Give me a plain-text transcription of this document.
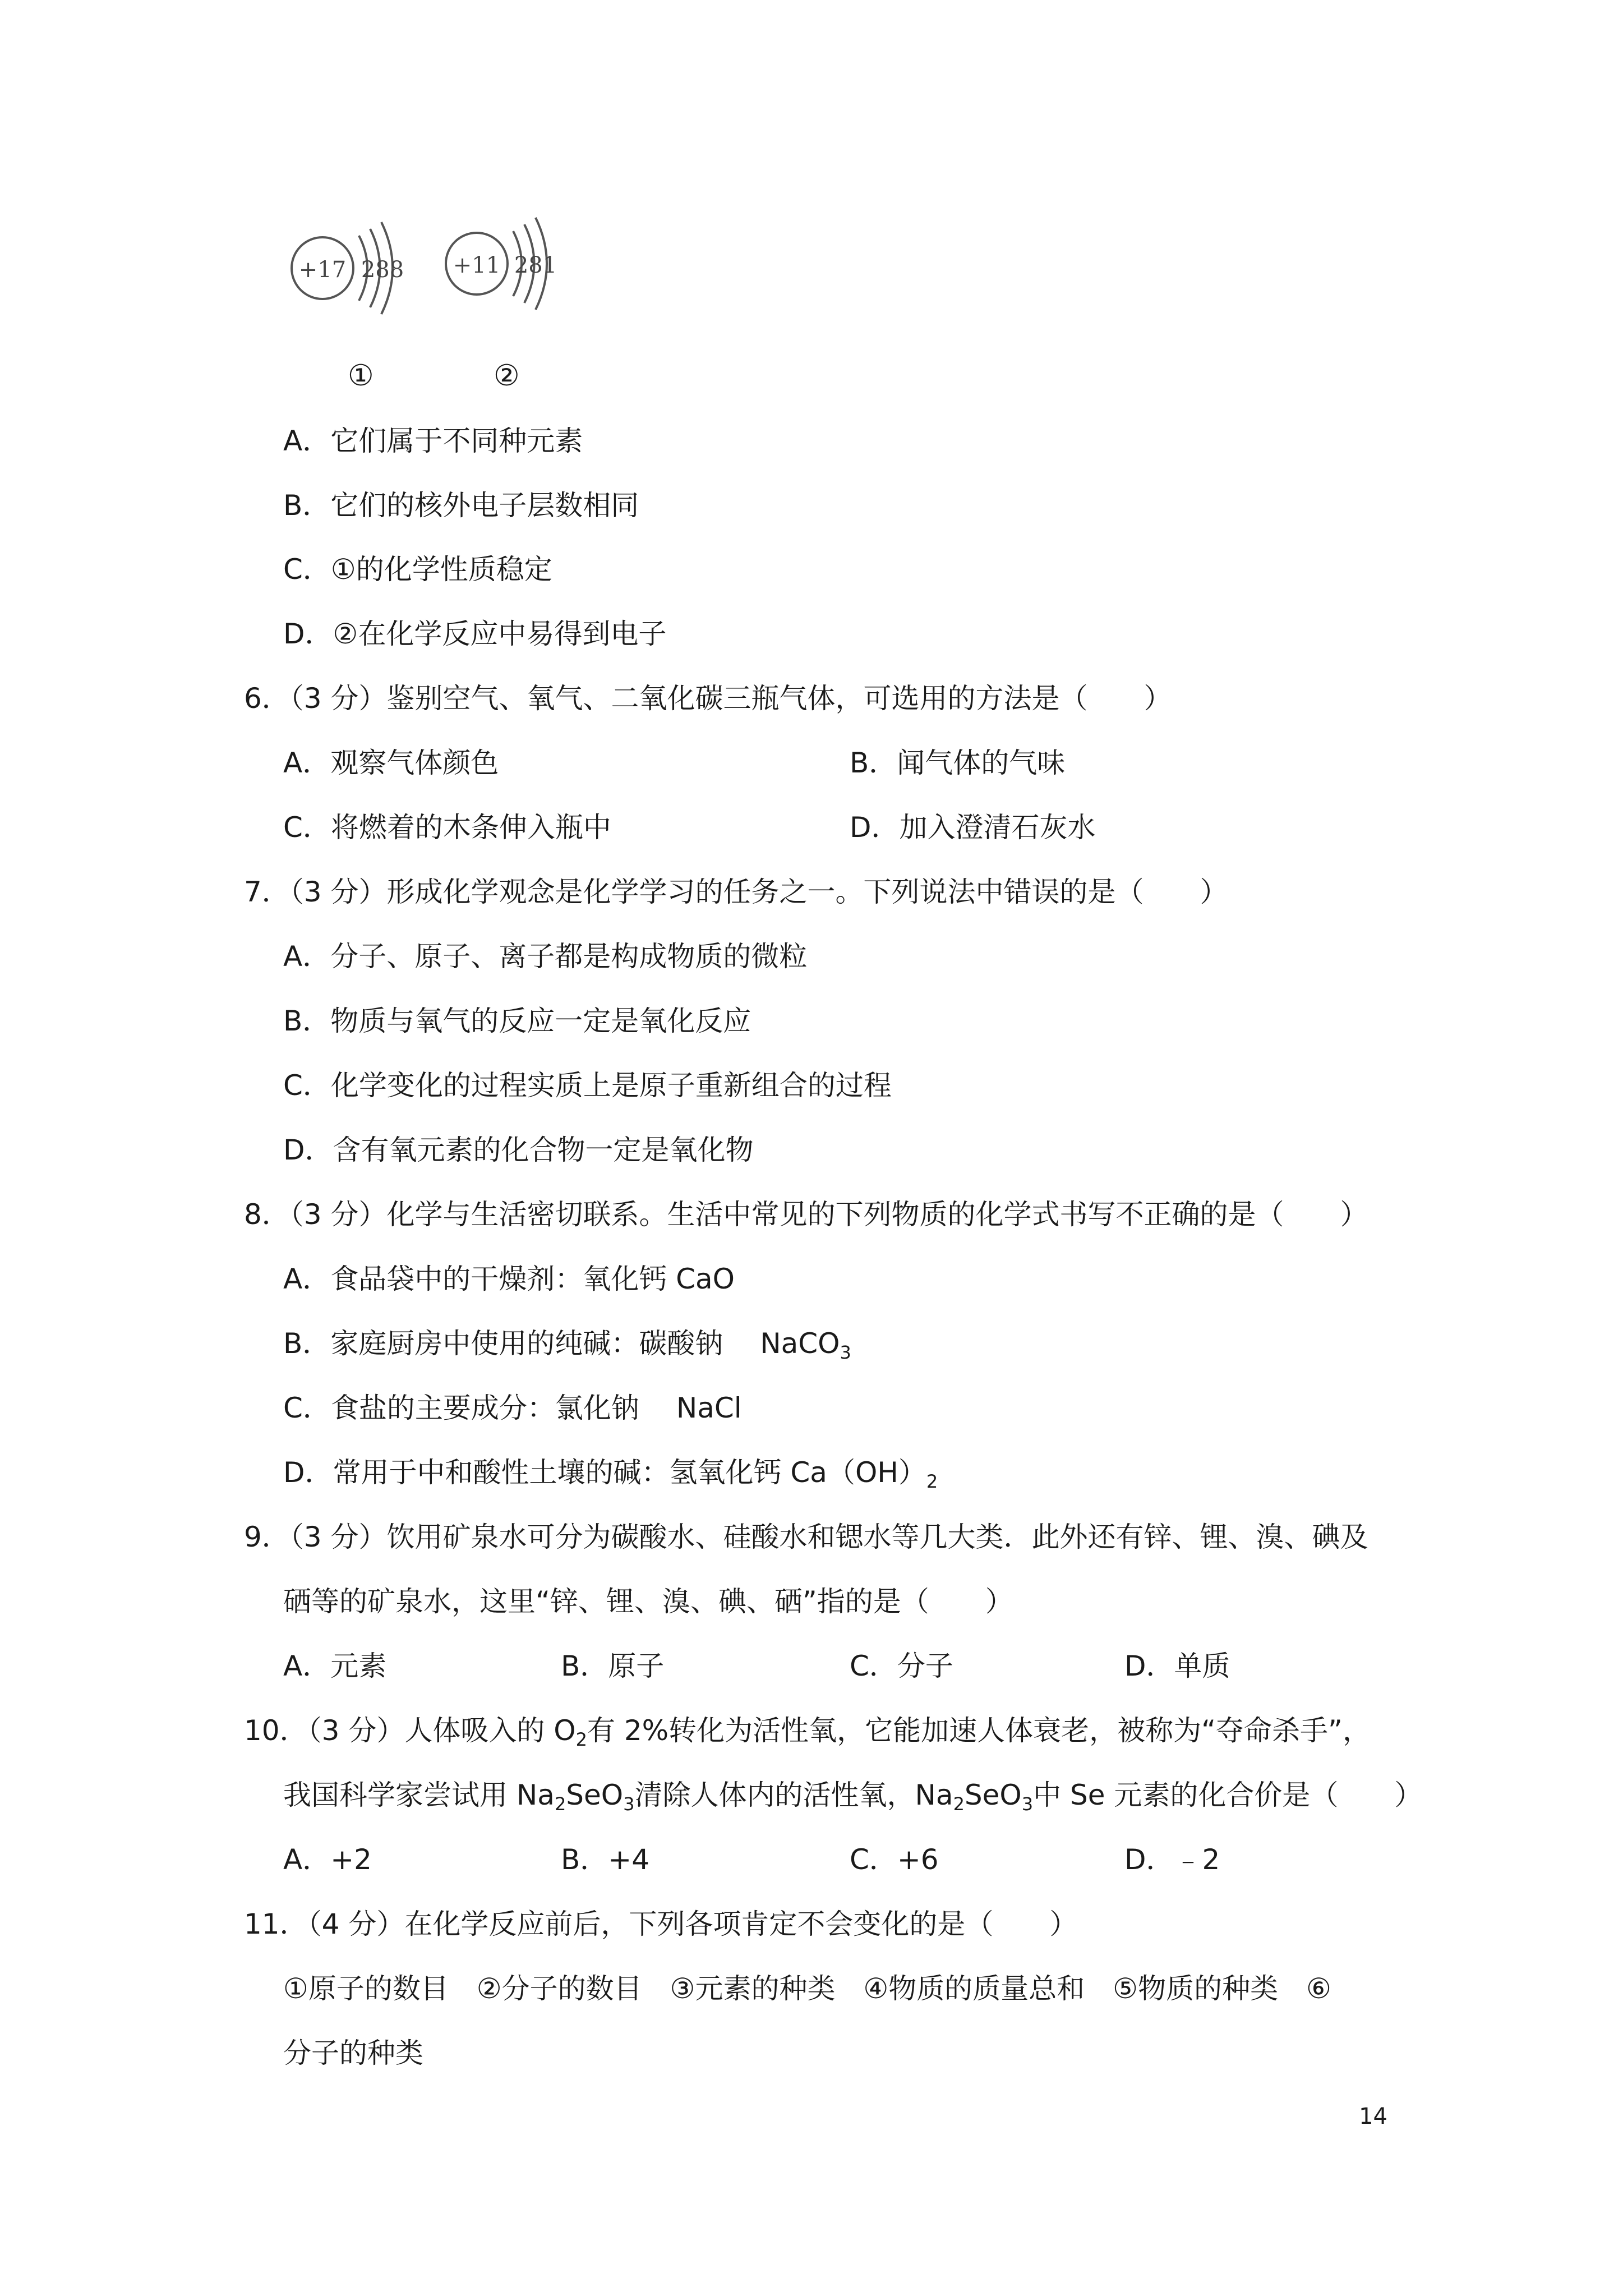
+17 288 +11 281
①	②
A．它们属于不同种元素
B．它们的核外电子层数相同
C．①的化学性质稳定
D．②在化学反应中易得到电子
6．（3 分）鉴别空气、氧气、二氧化碳三瓶气体，可选用的方法是（　　）
A．观察气体颜色	B．闻气体的气味
C．将燃着的木条伸入瓶中	D．加入澄清石灰水
7．（3 分）形成化学观念是化学学习的任务之一。下列说法中错误的是（　　）
A．分子、原子、离子都是构成物质的微粒
B．物质与氧气的反应一定是氧化反应
C．化学变化的过程实质上是原子重新组合的过程
D．含有氧元素的化合物一定是氧化物
8．（3 分）化学与生活密切联系。生活中常见的下列物质的化学式书写不正确的是（　　）
A．食品袋中的干燥剂：氧化钙 CaO
B．家庭厨房中使用的纯碱：碳酸钠　 NaCO$_3$
C．食盐的主要成分：氯化钠　 NaCl
D．常用于中和酸性土壤的碱：氢氧化钙 $Ca(OH)_2$
9．（3 分）饮用矿泉水可分为碳酸水、硅酸水和锶水等几大类．此外还有锌、锂、溴、碘及
硒等的矿泉水，这里“锌、锂、溴、碘、硒”指的是（　　）
A．元素	B．原子	C．分子	D．单质
10．（3 分）人体吸入的 $O_2$有 2%转化为活性氧，它能加速人体衰老，被称为“夺命杀手”，
我国科学家尝试用 $Na_2SeO_3$清除人体内的活性氧，$Na_2SeO_3$中 Se 元素的化合价是（　　）
A．+2	B．+4	C．+6	D．﹣2
11．（4 分）在化学反应前后，下列各项肯定不会变化的是（　　）
①原子的数目　②分子的数目　③元素的种类　④物质的质量总和　⑤物质的种类　⑥
分子的种类
14
